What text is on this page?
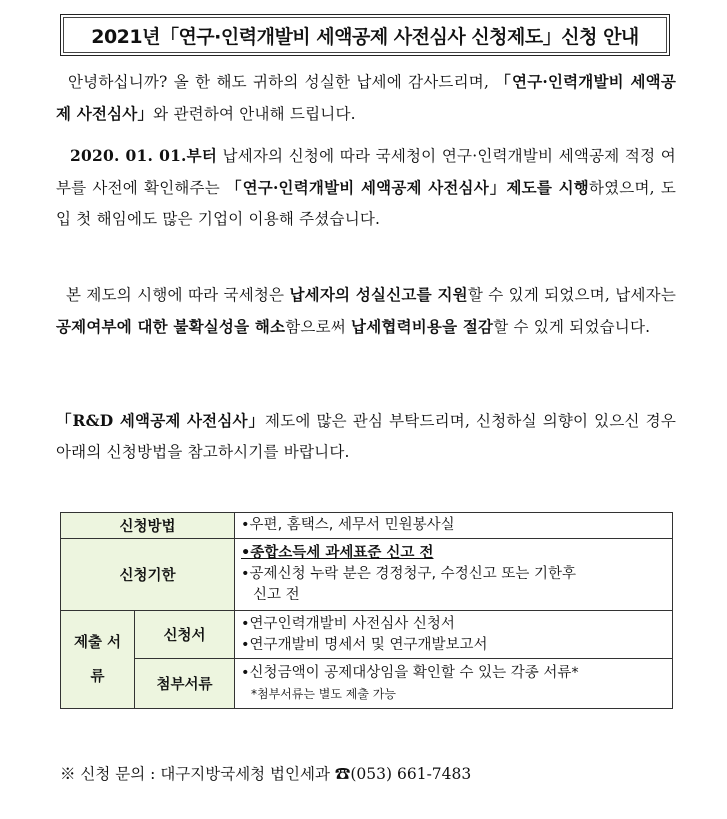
2021년「연구·인력개발비 세액공제 사전심사 신청제도」신청 안내
안녕하십니까? 올 한 해도 귀하의 성실한 납세에 감사드리며, 「연구·인력개발비 세액공제 사전심사」와 관련하여 안내해 드립니다.
2020. 01. 01.부터 납세자의 신청에 따라 국세청이 연구·인력개발비 세액공제 적정 여부를 사전에 확인해주는 「연구·인력개발비 세액공제 사전심사」제도를 시행하였으며, 도입 첫 해임에도 많은 기업이 이용해 주셨습니다.
본 제도의 시행에 따라 국세청은 납세자의 성실신고를 지원할 수 있게 되었으며, 납세자는 공제여부에 대한 불확실성을 해소함으로써 납세협력비용을 절감할 수 있게 되었습니다.
「R&D 세액공제 사전심사」제도에 많은 관심 부탁드리며, 신청하실 의향이 있으신 경우 아래의 신청방법을 참고하시기를 바랍니다.
신청방법		•우편, 홈택스, 세무서 민원봉사실
신청기한		•종합소득세 과세표준 신고 전
•공제신청 누락 분은 경정청구, 수정신고 또는 기한후
신고 전

제출 서류	신청서	•연구인력개발비 사전심사 신청서
•연구개발비 명세서 및 연구개발보고서

	첨부서류	•신청금액이 공제대상임을 확인할 수 있는 각종 서류*
*첨부서류는 별도 제출 가능
※ 신청 문의 : 대구지방국세청 법인세과 ☎(053) 661-7483
